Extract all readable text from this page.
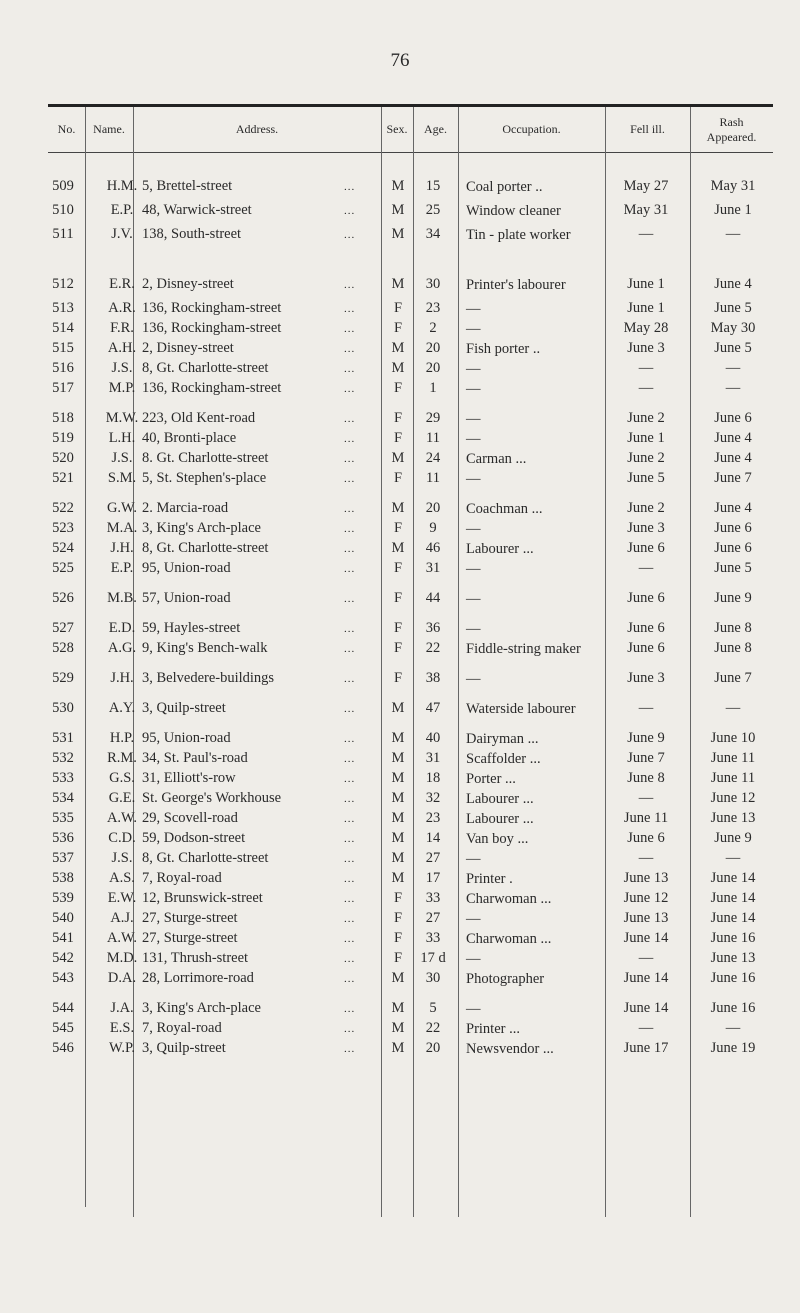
76
No.	Name.	Address.	Sex.	Age.	Occupation.	Fell ill.
Rash Appeared.
509	H.M. 5, Brettel-street	M	15	Coal porter ..	May 27	May 31
...
510	E.P. 48, Warwick-street	M	25	Window cleaner	May 31	June 1
...
511	J.V. 138, South-street	M	34	Tin - plate worker	—	—
...
512	E.R. 2, Disney-street	M	30	Printer's labourer	June 1	June 4
...
513	A.R. 136, Rockingham-street	F	23	—	June 1	June 5
...
514	F.R. 136, Rockingham-street	F	2	—	May 28	May 30
...
515	A.H. 2, Disney-street	M	20	Fish porter ..	June 3	June 5
...
516	J.S. 8, Gt. Charlotte-street	M	20	—	—	—
...
517	M.P. 136, Rockingham-street	F	1	—	—	—
...
518	M.W. 223, Old Kent-road	F	29	—	June 2	June 6
...
519	L.H. 40, Bronti-place	F	11	—	June 1	June 4
...
520	J.S. 8. Gt. Charlotte-street	M	24	Carman ...	June 2	June 4
...
521	S.M. 5, St. Stephen's-place	F	11	—	June 5	June 7
...
522	G.W. 2. Marcia-road	M	20	Coachman ...	June 2	June 4
...
523	M.A. 3, King's Arch-place	F	9	—	June 3	June 6
...
524	J.H. 8, Gt. Charlotte-street	M	46	Labourer ...	June 6	June 6
...
525	E.P. 95, Union-road	F	31	—	—	June 5
...
526	M.B. 57, Union-road	F	44	—	June 6	June 9
...
527	E.D. 59, Hayles-street	F	36	—	June 6	June 8
...
528	A.G. 9, King's Bench-walk	F	22	Fiddle-string maker	June 6	June 8
...
529	J.H. 3, Belvedere-buildings	F	38	—	June 3	June 7
...
530	A.Y. 3, Quilp-street	M	47	Waterside labourer	—	—
...
531	H.P. 95, Union-road	M	40	Dairyman ...	June 9	June 10
...
532	R.M. 34, St. Paul's-road	M	31	Scaffolder ...	June 7	June 11
...
533	G.S. 31, Elliott's-row	M	18	Porter ...	June 8	June 11
...
534	G.E. St. George's Workhouse	M	32	Labourer ...	—	June 12
...
535	A.W. 29, Scovell-road	M	23	Labourer ...	June 11	June 13
...
536	C.D. 59, Dodson-street	M	14	Van boy ...	June 6	June 9
...
537	J.S. 8, Gt. Charlotte-street	M	27	—	—	—
...
538	A.S. 7, Royal-road	M	17	Printer .	June 13	June 14
...
539	E.W. 12, Brunswick-street	F	33	Charwoman ...	June 12	June 14
...
540	A.J. 27, Sturge-street	F	27	—	June 13	June 14
...
541	A.W. 27, Sturge-street	F	33	Charwoman ...	June 14	June 16
...
542	M.D. 131, Thrush-street	F	17 d	—	—	June 13
...
543	D.A. 28, Lorrimore-road	M	30	Photographer	June 14	June 16
...
544	J.A. 3, King's Arch-place	M	5	—	June 14	June 16
...
545	E.S. 7, Royal-road	M	22	Printer ...	—	—
...
546	W.P. 3, Quilp-street	M	20	Newsvendor ...	June 17	June 19
...
